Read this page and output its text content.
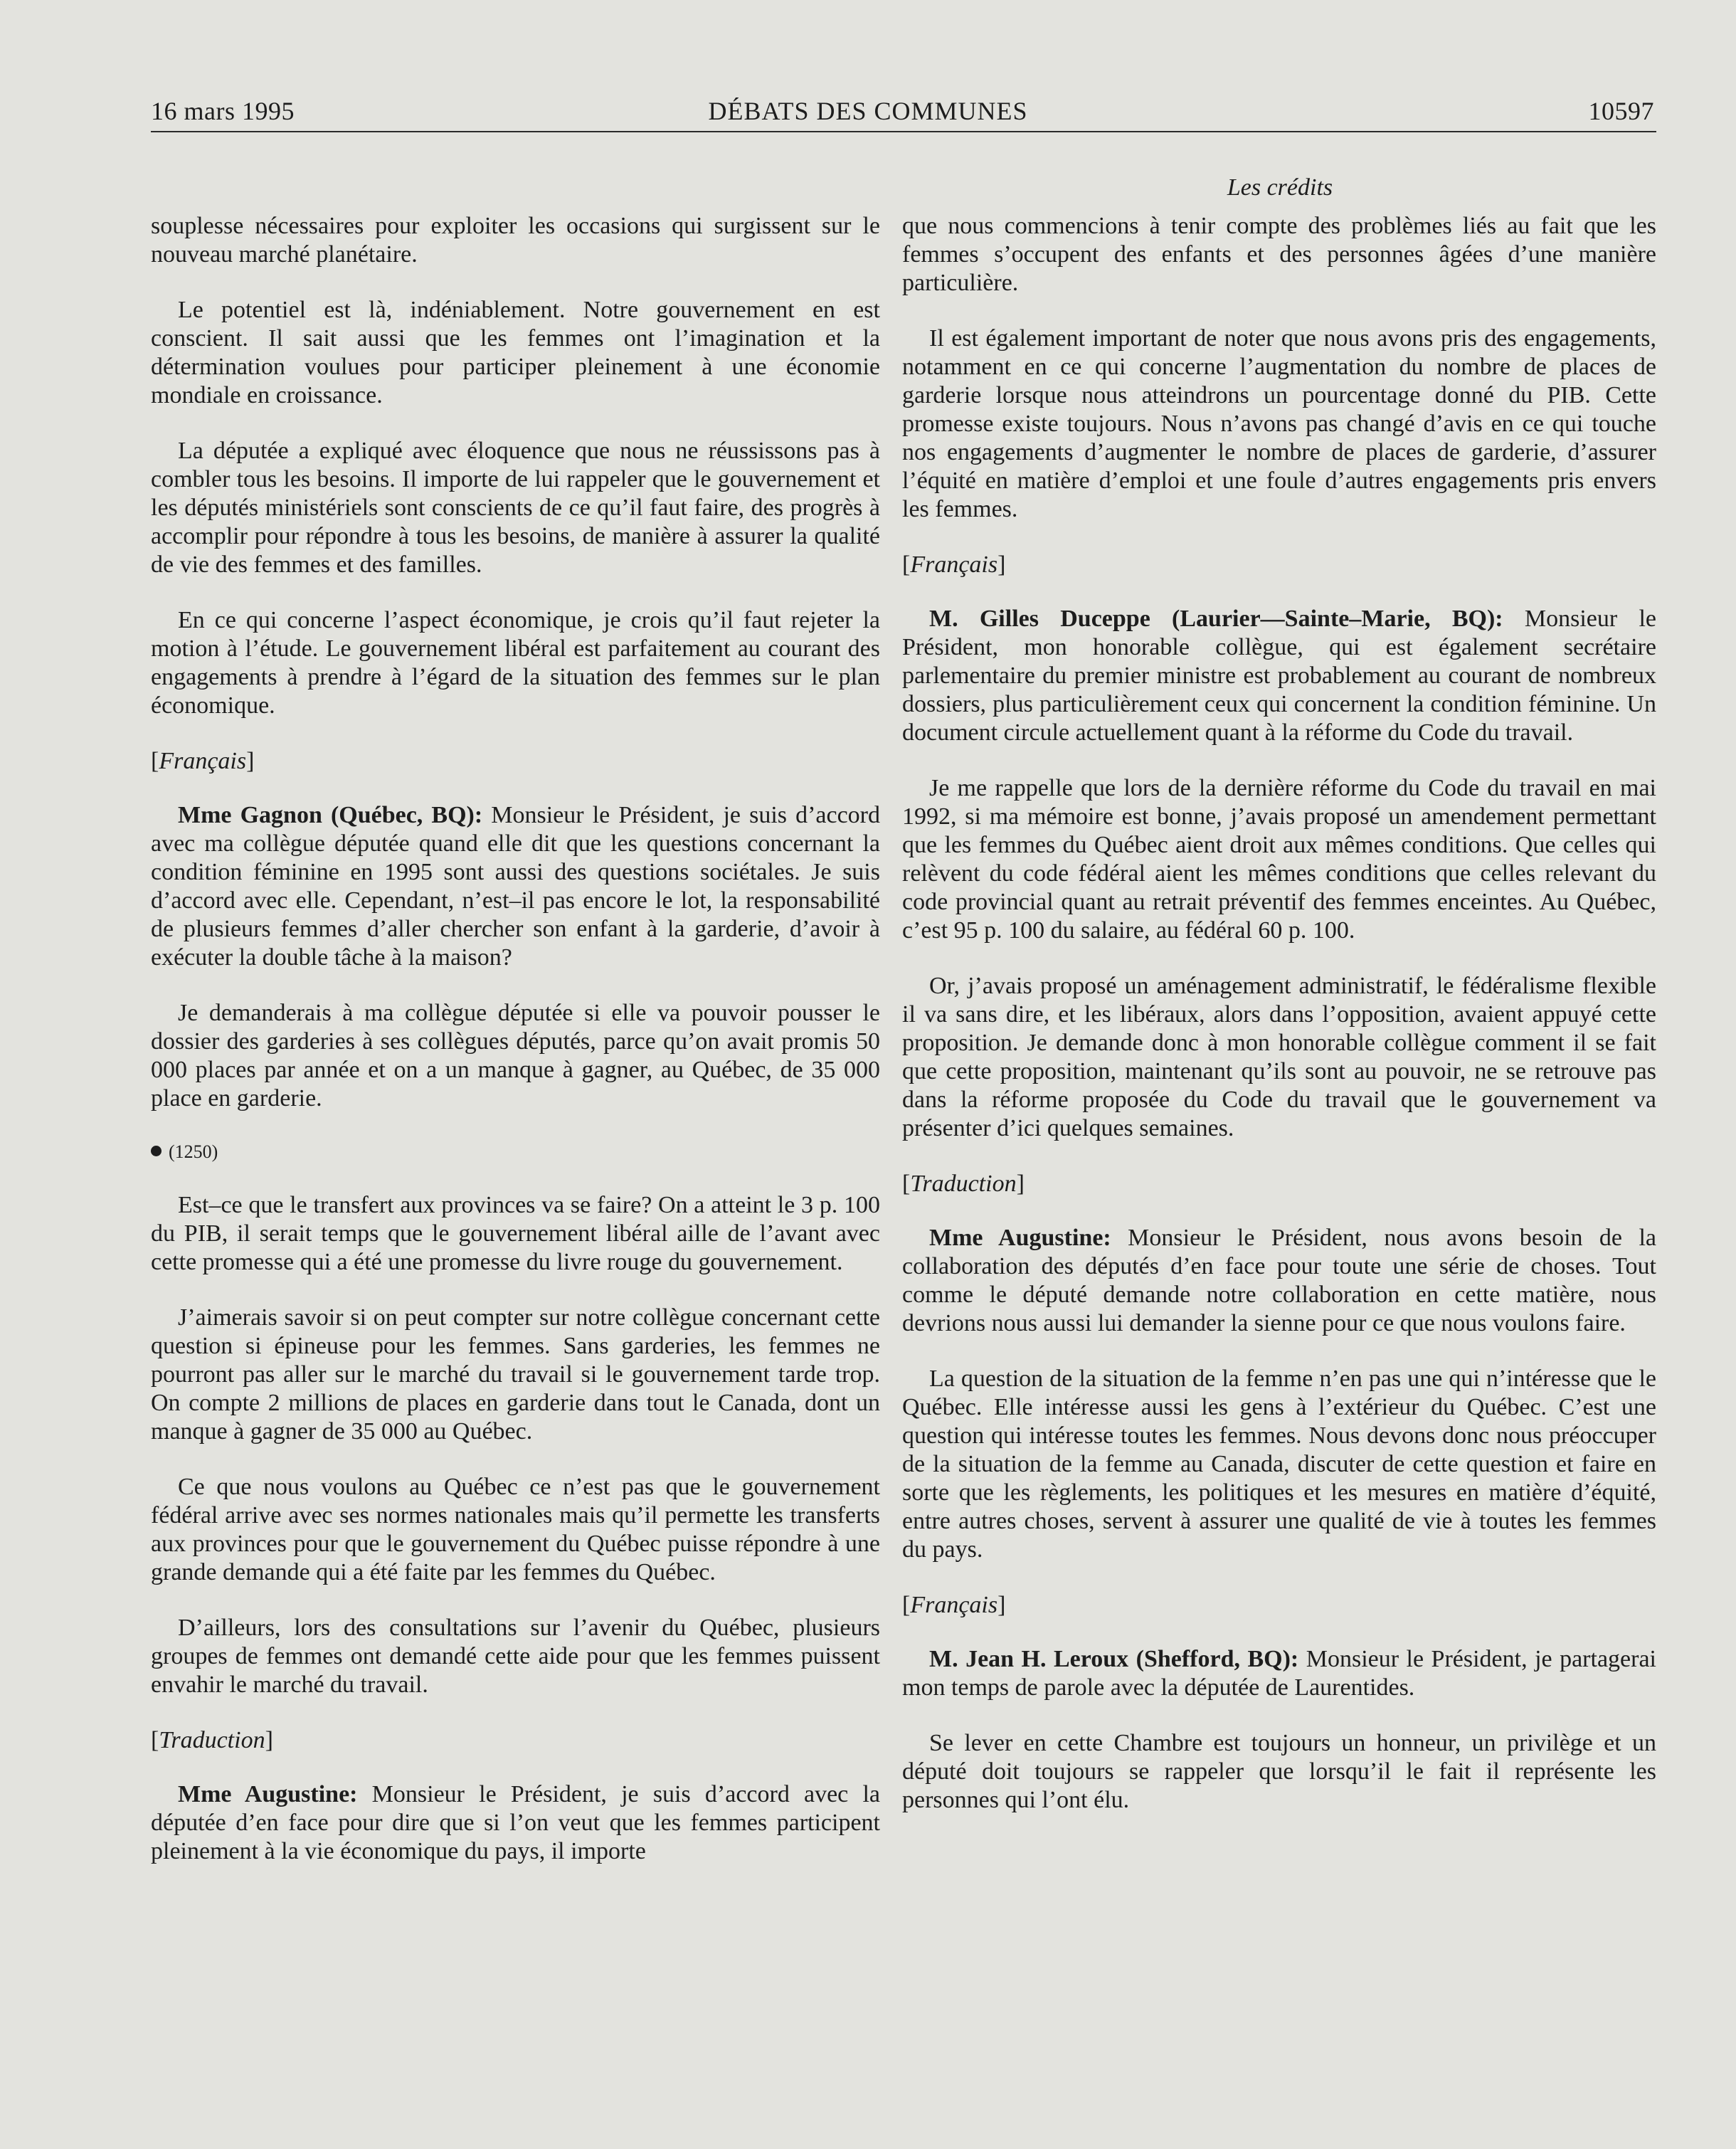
16 mars 1995	DÉBATS DES COMMUNES	10597
Les crédits

souplesse nécessaires pour exploiter les occasions qui surgissent sur le nouveau marché planétaire.

Le potentiel est là, indéniablement. Notre gouvernement en est conscient. Il sait aussi que les femmes ont l’imagination et la détermination voulues pour participer pleinement à une économie mondiale en croissance.

La députée a expliqué avec éloquence que nous ne réussissons pas à combler tous les besoins. Il importe de lui rappeler que le gouvernement et les députés ministériels sont conscients de ce qu’il faut faire, des progrès à accomplir pour répondre à tous les besoins, de manière à assurer la qualité de vie des femmes et des familles.

En ce qui concerne l’aspect économique, je crois qu’il faut rejeter la motion à l’étude. Le gouvernement libéral est parfaitement au courant des engagements à prendre à l’égard de la situation des femmes sur le plan économique.

[ Français ]

Mme Gagnon (Québec, BQ): Monsieur le Président, je suis d’accord avec ma collègue députée quand elle dit que les questions concernant la condition féminine en 1995 sont aussi des questions sociétales. Je suis d’accord avec elle. Cependant, n’est–il pas encore le lot, la responsabilité de plusieurs femmes d’aller chercher son enfant à la garderie, d’avoir à exécuter la double tâche à la maison?

Je demanderais à ma collègue députée si elle va pouvoir pousser le dossier des garderies à ses collègues députés, parce qu’on avait promis 50 000 places par année et on a un manque à gagner, au Québec, de 35 000 place en garderie.

(1250)

Est–ce que le transfert aux provinces va se faire? On a atteint le 3 p. 100 du PIB, il serait temps que le gouvernement libéral aille de l’avant avec cette promesse qui a été une promesse du livre rouge du gouvernement.

J’aimerais savoir si on peut compter sur notre collègue concernant cette question si épineuse pour les femmes. Sans garderies, les femmes ne pourront pas aller sur le marché du travail si le gouvernement tarde trop. On compte 2 millions de places en garderie dans tout le Canada, dont un manque à gagner de 35 000 au Québec.

Ce que nous voulons au Québec ce n’est pas que le gouvernement fédéral arrive avec ses normes nationales mais qu’il permette les transferts aux provinces pour que le gouvernement du Québec puisse répondre à une grande demande qui a été faite par les femmes du Québec.

D’ailleurs, lors des consultations sur l’avenir du Québec, plusieurs groupes de femmes ont demandé cette aide pour que les femmes puissent envahir le marché du travail.

[ Traduction ]

Mme Augustine: Monsieur le Président, je suis d’accord avec la députée d’en face pour dire que si l’on veut que les femmes participent pleinement à la vie économique du pays, il importe

que nous commencions à tenir compte des problèmes liés au fait que les femmes s’occupent des enfants et des personnes âgées d’une manière particulière.

Il est également important de noter que nous avons pris des engagements, notamment en ce qui concerne l’augmentation du nombre de places de garderie lorsque nous atteindrons un pourcentage donné du PIB. Cette promesse existe toujours. Nous n’avons pas changé d’avis en ce qui touche nos engagements d’augmenter le nombre de places de garderie, d’assurer l’équité en matière d’emploi et une foule d’autres engagements pris envers les femmes.

[ Français ]

M. Gilles Duceppe (Laurier—Sainte–Marie, BQ): Monsieur le Président, mon honorable collègue, qui est également secrétaire parlementaire du premier ministre est probablement au courant de nombreux dossiers, plus particulièrement ceux qui concernent la condition féminine. Un document circule actuellement quant à la réforme du Code du travail.

Je me rappelle que lors de la dernière réforme du Code du travail en mai 1992, si ma mémoire est bonne, j’avais proposé un amendement permettant que les femmes du Québec aient droit aux mêmes conditions. Que celles qui relèvent du code fédéral aient les mêmes conditions que celles relevant du code provincial quant au retrait préventif des femmes enceintes. Au Québec, c’est 95 p. 100 du salaire, au fédéral 60 p. 100.

Or, j’avais proposé un aménagement administratif, le fédéralisme flexible il va sans dire, et les libéraux, alors dans l’opposition, avaient appuyé cette proposition. Je demande donc à mon honorable collègue comment il se fait que cette proposition, maintenant qu’ils sont au pouvoir, ne se retrouve pas dans la réforme proposée du Code du travail que le gouvernement va présenter d’ici quelques semaines.

[ Traduction ]

Mme Augustine: Monsieur le Président, nous avons besoin de la collaboration des députés d’en face pour toute une série de choses. Tout comme le député demande notre collaboration en cette matière, nous devrions nous aussi lui demander la sienne pour ce que nous voulons faire.

La question de la situation de la femme n’en pas une qui n’intéresse que le Québec. Elle intéresse aussi les gens à l’extérieur du Québec. C’est une question qui intéresse toutes les femmes. Nous devons donc nous préoccuper de la situation de la femme au Canada, discuter de cette question et faire en sorte que les règlements, les politiques et les mesures en matière d’équité, entre autres choses, servent à assurer une qualité de vie à toutes les femmes du pays.

[ Français ]

M. Jean H. Leroux (Shefford, BQ): Monsieur le Président, je partagerai mon temps de parole avec la députée de Laurentides.

Se lever en cette Chambre est toujours un honneur, un privilège et un député doit toujours se rappeler que lorsqu’il le fait il représente les personnes qui l’ont élu.
